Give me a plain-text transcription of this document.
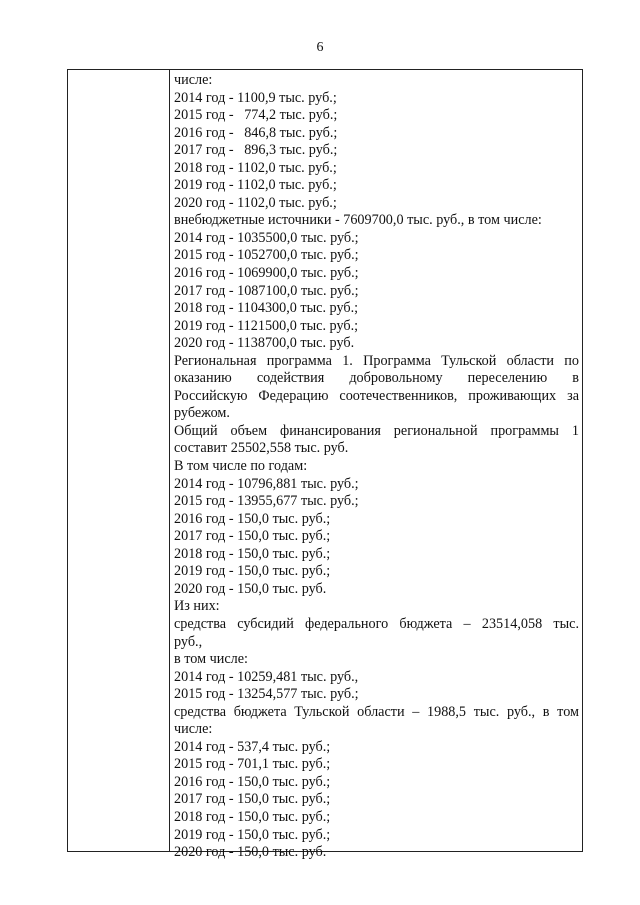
6
числе:
2014 год - 1100,9 тыс. руб.;
2015 год -   774,2 тыс. руб.;
2016 год -   846,8 тыс. руб.;
2017 год -   896,3 тыс. руб.;
2018 год - 1102,0 тыс. руб.;
2019 год - 1102,0 тыс. руб.;
2020 год - 1102,0 тыс. руб.;
внебюджетные источники - 7609700,0 тыс. руб., в том числе:
2014 год - 1035500,0 тыс. руб.;
2015 год - 1052700,0 тыс. руб.;
2016 год - 1069900,0 тыс. руб.;
2017 год - 1087100,0 тыс. руб.;
2018 год - 1104300,0 тыс. руб.;
2019 год - 1121500,0 тыс. руб.;
2020 год - 1138700,0 тыс. руб.
Региональная программа 1. Программа Тульской области по
оказанию содействия добровольному переселению в
Российскую Федерацию соотечественников, проживающих за
рубежом.
Общий объем финансирования региональной программы 1
составит 25502,558 тыс. руб.
В том числе по годам:
2014 год - 10796,881 тыс. руб.;
2015 год - 13955,677 тыс. руб.;
2016 год - 150,0 тыс. руб.;
2017 год - 150,0 тыс. руб.;
2018 год - 150,0 тыс. руб.;
2019 год - 150,0 тыс. руб.;
2020 год - 150,0 тыс. руб.
Из них:
средства субсидий федерального бюджета – 23514,058 тыс.
руб.,
в том числе:
2014 год - 10259,481 тыс. руб.,
2015 год - 13254,577 тыс. руб.;
средства бюджета Тульской области – 1988,5 тыс. руб., в том
числе:
2014 год - 537,4 тыс. руб.;
2015 год - 701,1 тыс. руб.;
2016 год - 150,0 тыс. руб.;
2017 год - 150,0 тыс. руб.;
2018 год - 150,0 тыс. руб.;
2019 год - 150,0 тыс. руб.;
2020 год - 150,0 тыс. руб.
